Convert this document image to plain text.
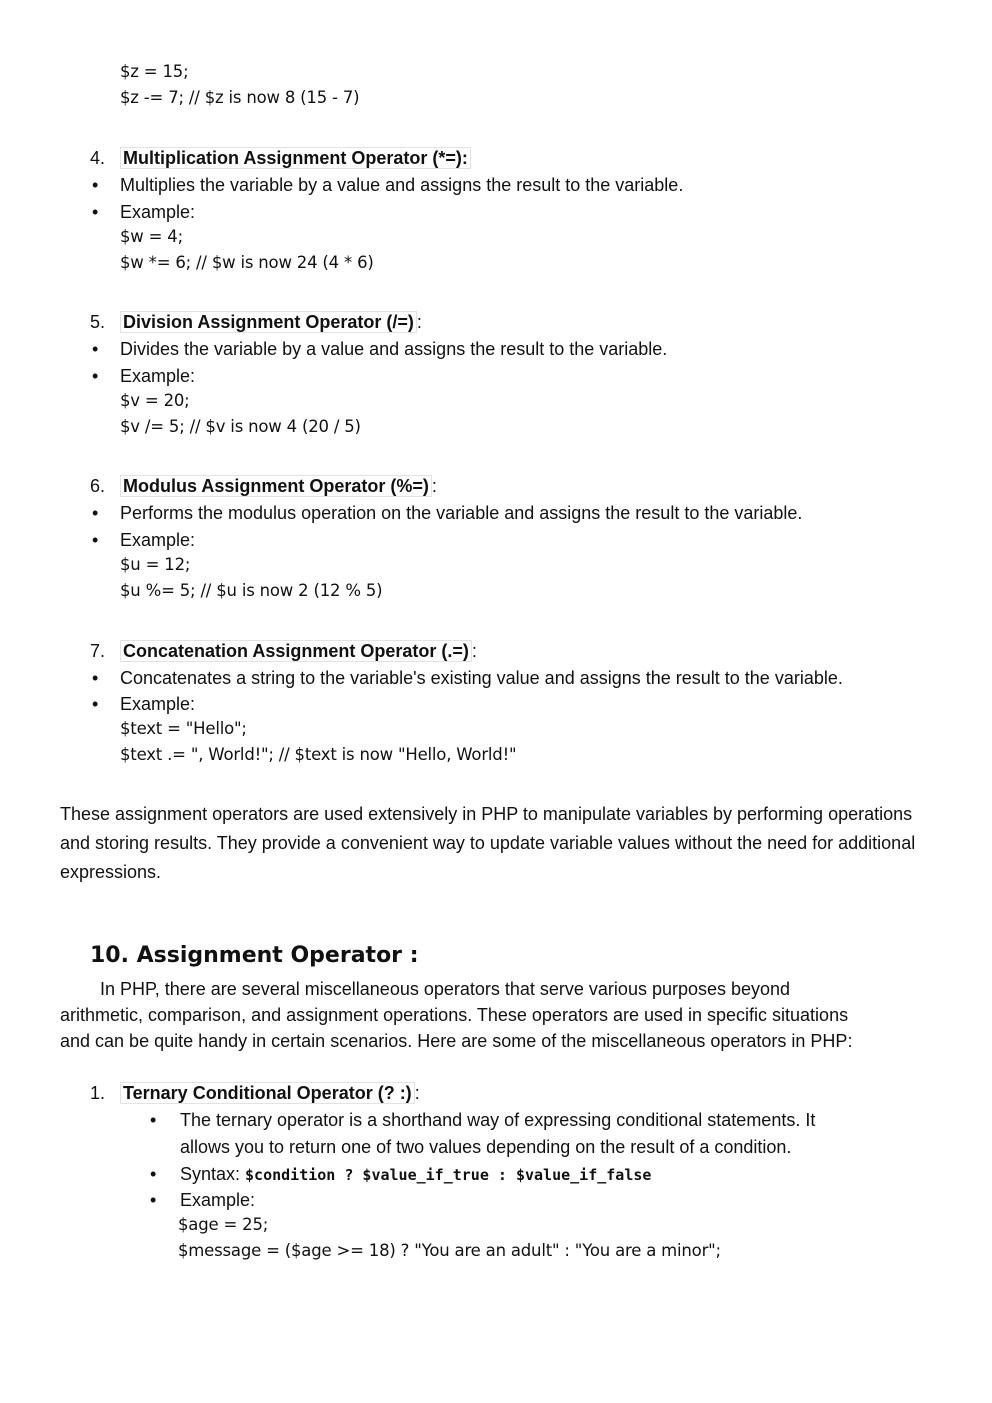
$z = 15;
$z -= 7; // $z is now 8 (15 - 7)
4. Multiplication Assignment Operator (*=):
• Multiplies the variable by a value and assigns the result to the variable.
• Example:
$w = 4;
$w *= 6; // $w is now 24 (4 * 6)
5. Division Assignment Operator (/=) :
• Divides the variable by a value and assigns the result to the variable.
• Example:
$v = 20;
$v /= 5; // $v is now 4 (20 / 5)
6. Modulus Assignment Operator (%=) :
• Performs the modulus operation on the variable and assigns the result to the variable.
• Example:
$u = 12;
$u %= 5; // $u is now 2 (12 % 5)
7. Concatenation Assignment Operator (.=) :
• Concatenates a string to the variable's existing value and assigns the result to the variable.
• Example:
$text = "Hello";
$text .= ", World!"; // $text is now "Hello, World!"
These assignment operators are used extensively in PHP to manipulate variables by performing operations and storing results. They provide a convenient way to update variable values without the need for additional expressions.
10. Assignment Operator :
In PHP, there are several miscellaneous operators that serve various purposes beyond
arithmetic, comparison, and assignment operations. These operators are used in specific situations
and can be quite handy in certain scenarios. Here are some of the miscellaneous operators in PHP:
1. Ternary Conditional Operator (? :) :
• The ternary operator is a shorthand way of expressing conditional statements. It
allows you to return one of two values depending on the result of a condition.
• Syntax: $condition ? $value_if_true : $value_if_false
• Example:
$age = 25;
$message = ($age >= 18) ? "You are an adult" : "You are a minor";
